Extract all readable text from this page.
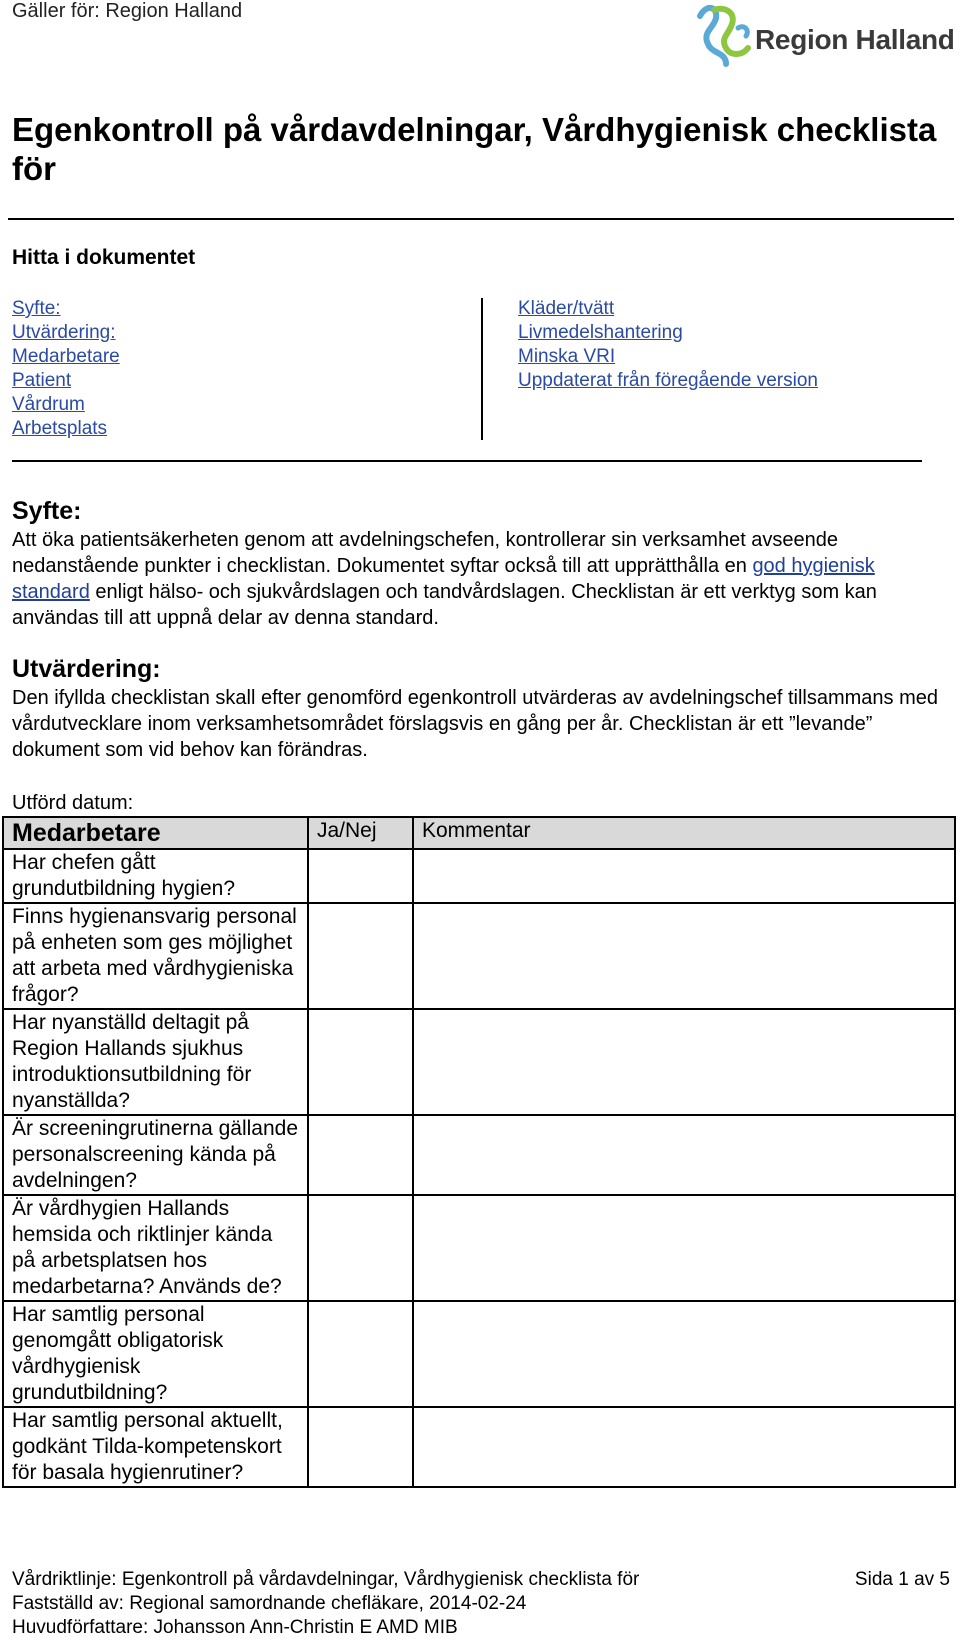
Gäller för: Region Halland
Region Halland
Egenkontroll på vårdavdelningar, Vårdhygienisk checklista för
Hitta i dokumentet
Syfte:
Utvärdering:
Medarbetare
Patient
Vårdrum
Arbetsplats
Kläder/tvätt
Livmedelshantering
Minska VRI
Uppdaterat från föregående version
Syfte:
Att öka patientsäkerheten genom att avdelningschefen, kontrollerar sin verksamhet avseende nedanstående punkter i checklistan. Dokumentet syftar också till att upprätthålla en god hygienisk standard enligt hälso- och sjukvårdslagen och tandvårdslagen. Checklistan är ett verktyg som kan användas till att uppnå delar av denna standard.
Utvärdering:
Den ifyllda checklistan skall efter genomförd egenkontroll utvärderas av avdelningschef tillsammans med vårdutvecklare inom verksamhetsområdet förslagsvis en gång per år. Checklistan är ett ”levande” dokument som vid behov kan förändras.
Utförd datum:
Medarbetare	Ja/Nej	Kommentar
Har chefen gått grundutbildning hygien?		
Finns hygienansvarig personal på enheten som ges möjlighet att arbeta med vårdhygieniska frågor?		
Har nyanställd deltagit på Region Hallands sjukhus introduktionsutbildning för nyanställda?		
Är screeningrutinerna gällande personalscreening kända på avdelningen?		
Är vårdhygien Hallands hemsida och riktlinjer kända på arbetsplatsen hos medarbetarna? Används de?		
Har samtlig personal genomgått obligatorisk vårdhygienisk grundutbildning?		
Har samtlig personal aktuellt, godkänt Tilda-kompetenskort för basala hygienrutiner?		
Vårdriktlinje: Egenkontroll på vårdavdelningar, Vårdhygienisk checklista för
Fastställd av: Regional samordnande chefläkare, 2014-02-24
Huvudförfattare: Johansson Ann-Christin E AMD MIB
Sida 1 av 5
